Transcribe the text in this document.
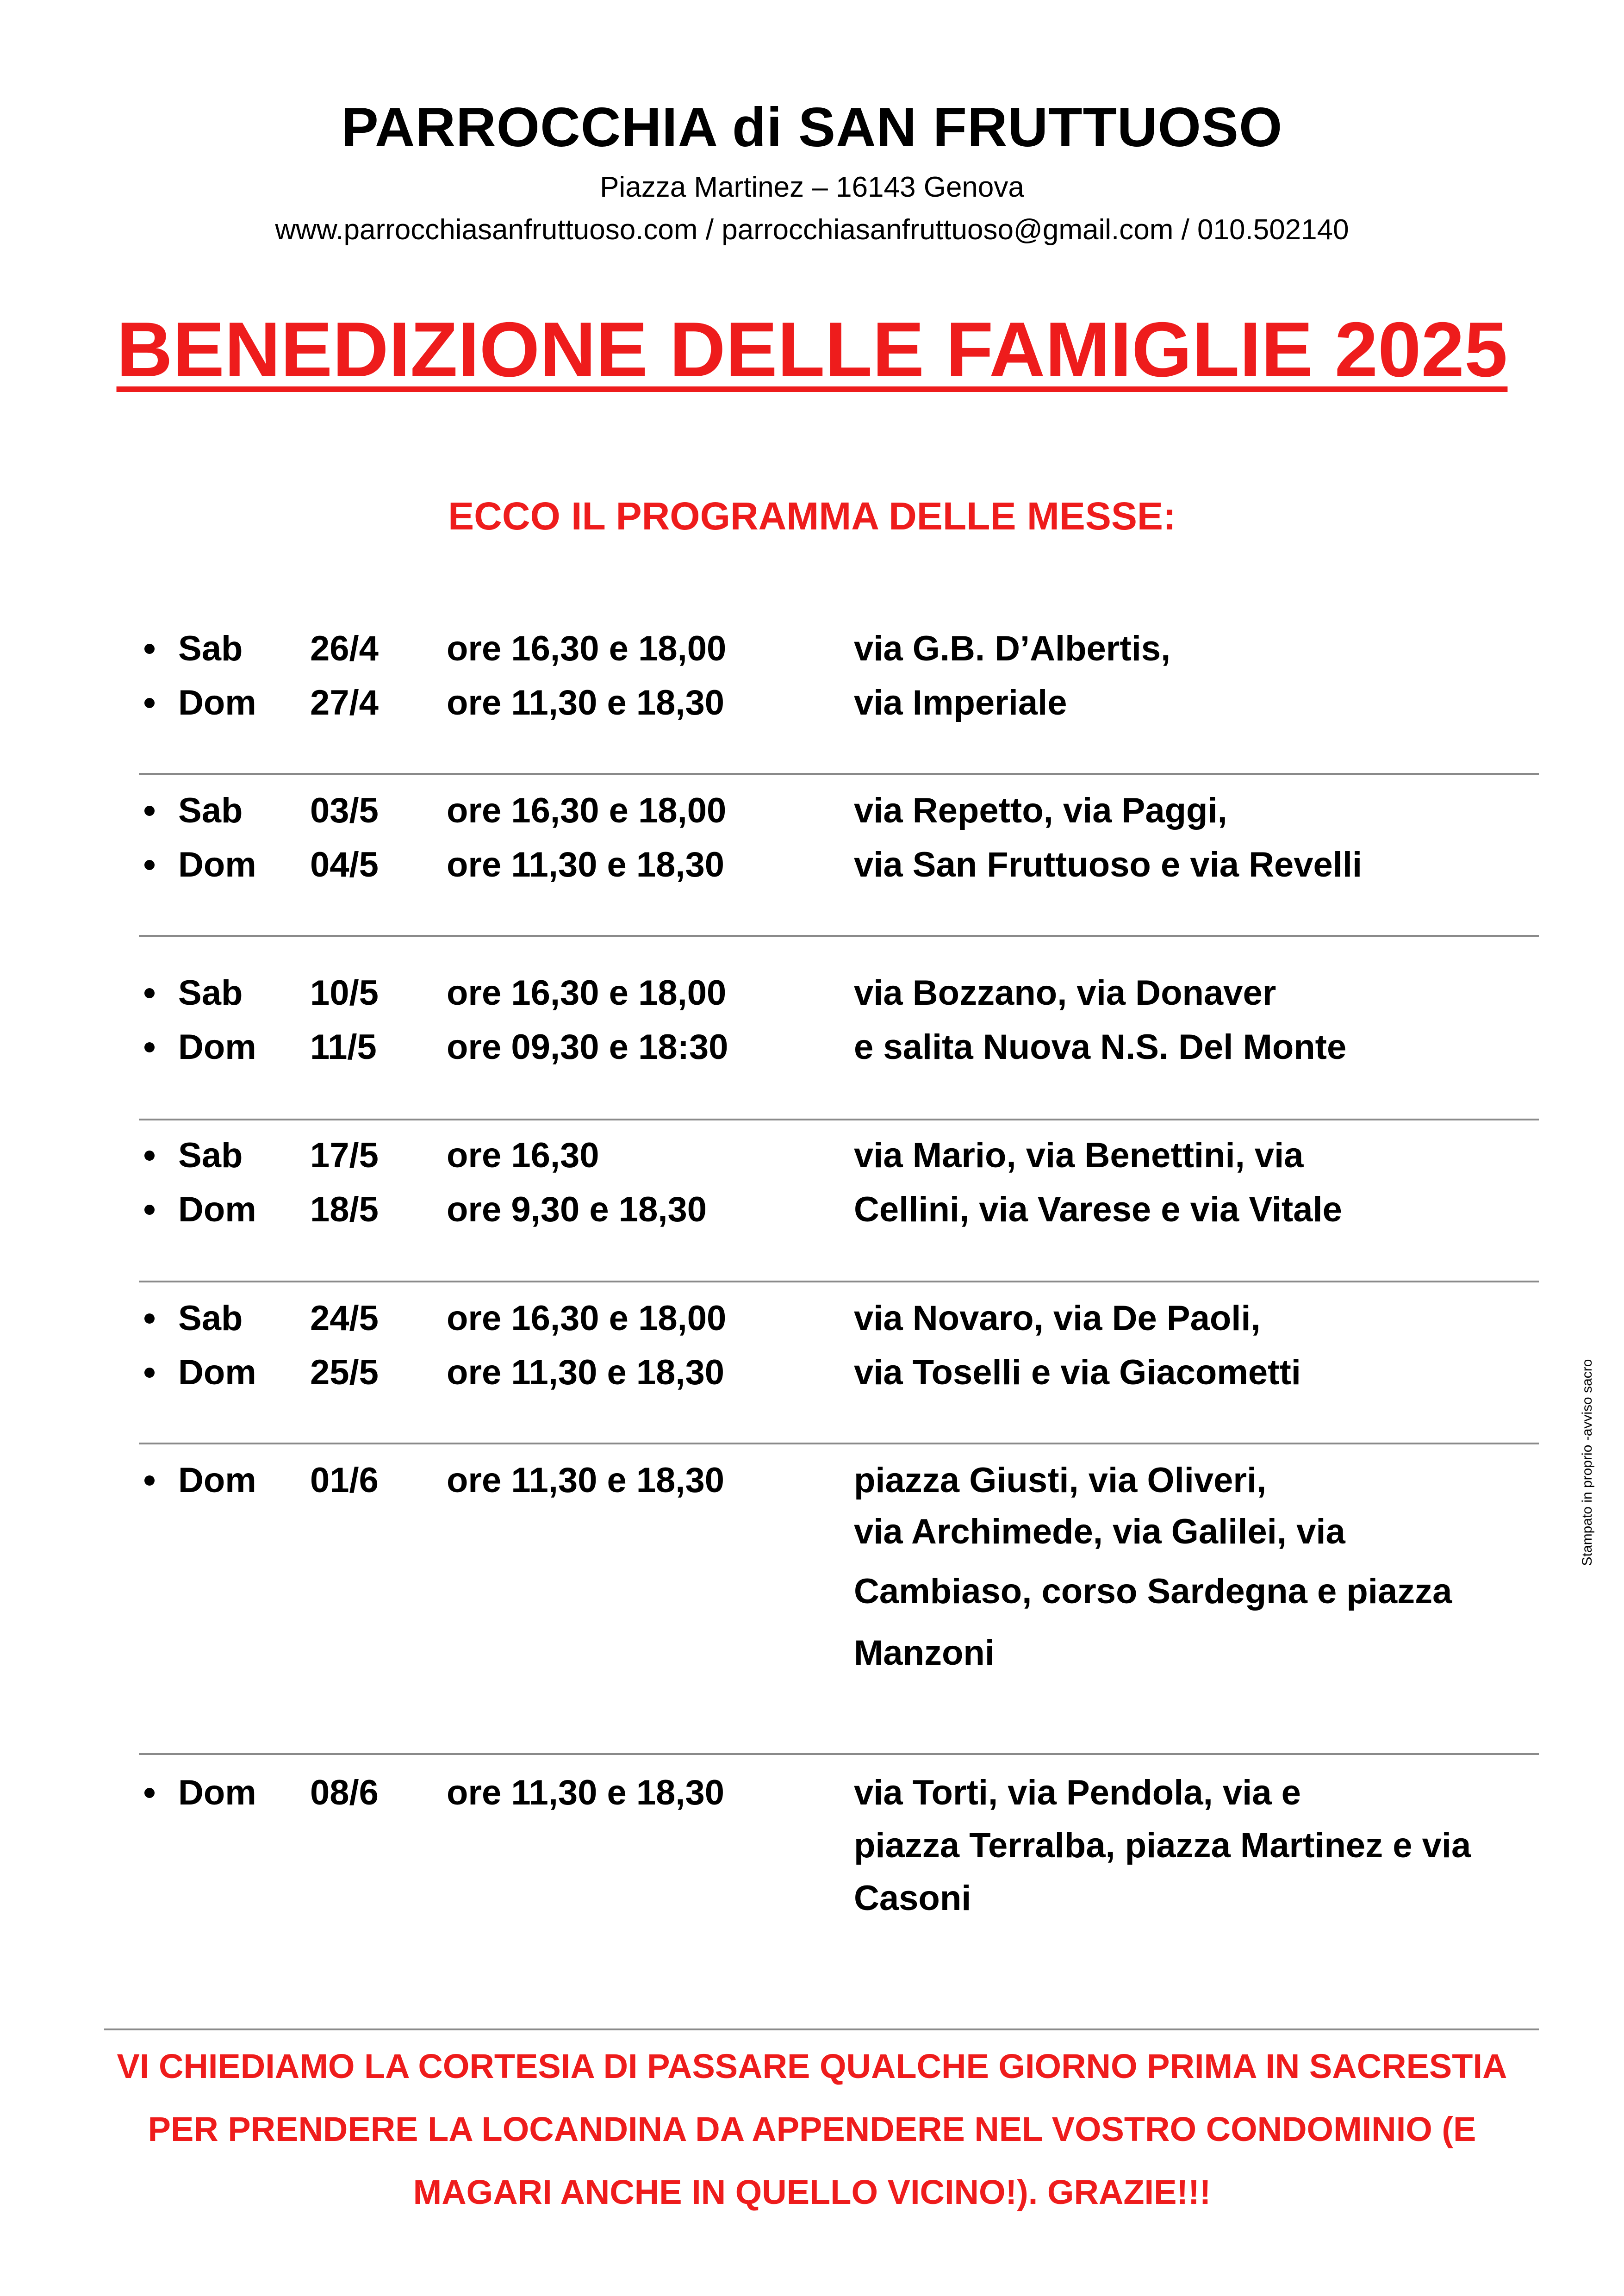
PARROCCHIA di SAN FRUTTUOSO
Piazza Martinez – 16143 Genova
www.parrocchiasanfruttuoso.com / parrocchiasanfruttuoso@gmail.com / 010.502140
BENEDIZIONE DELLE FAMIGLIE 2025
ECCO IL PROGRAMMA DELLE MESSE:
Sab 26/4 ore 16,30 e 18,00	via G.B. D’Albertis,
Dom 27/4 ore 11,30 e 18,30	via Imperiale
Sab 03/5 ore 16,30 e 18,00	via Repetto, via Paggi,
Dom 04/5 ore 11,30 e 18,30	via San Fruttuoso e via Revelli
Sab 10/5 ore 16,30 e 18,00	via Bozzano, via Donaver
Dom 11/5 ore 09,30 e 18:30	e salita Nuova N.S. Del Monte
Sab 17/5 ore 16,30	via Mario, via Benettini, via
Dom 18/5 ore 9,30 e 18,30	Cellini, via Varese e via Vitale
Sab 24/5 ore 16,30 e 18,00	via Novaro, via De Paoli,
Dom 25/5 ore 11,30 e 18,30	via Toselli e via Giacometti
Dom 01/6 ore 11,30 e 18,30	piazza Giusti, via Oliveri,
via Archimede, via Galilei, via
Cambiaso, corso Sardegna e piazza
Manzoni
Dom 08/6 ore 11,30 e 18,30	via Torti, via Pendola, via e
piazza Terralba, piazza Martinez e via
Casoni
VI CHIEDIAMO LA CORTESIA DI PASSARE QUALCHE GIORNO PRIMA IN SACRESTIA
PER PRENDERE LA LOCANDINA DA APPENDERE NEL VOSTRO CONDOMINIO (E
MAGARI ANCHE IN QUELLO VICINO!). GRAZIE!!!
Stampato in proprio -avviso sacro
